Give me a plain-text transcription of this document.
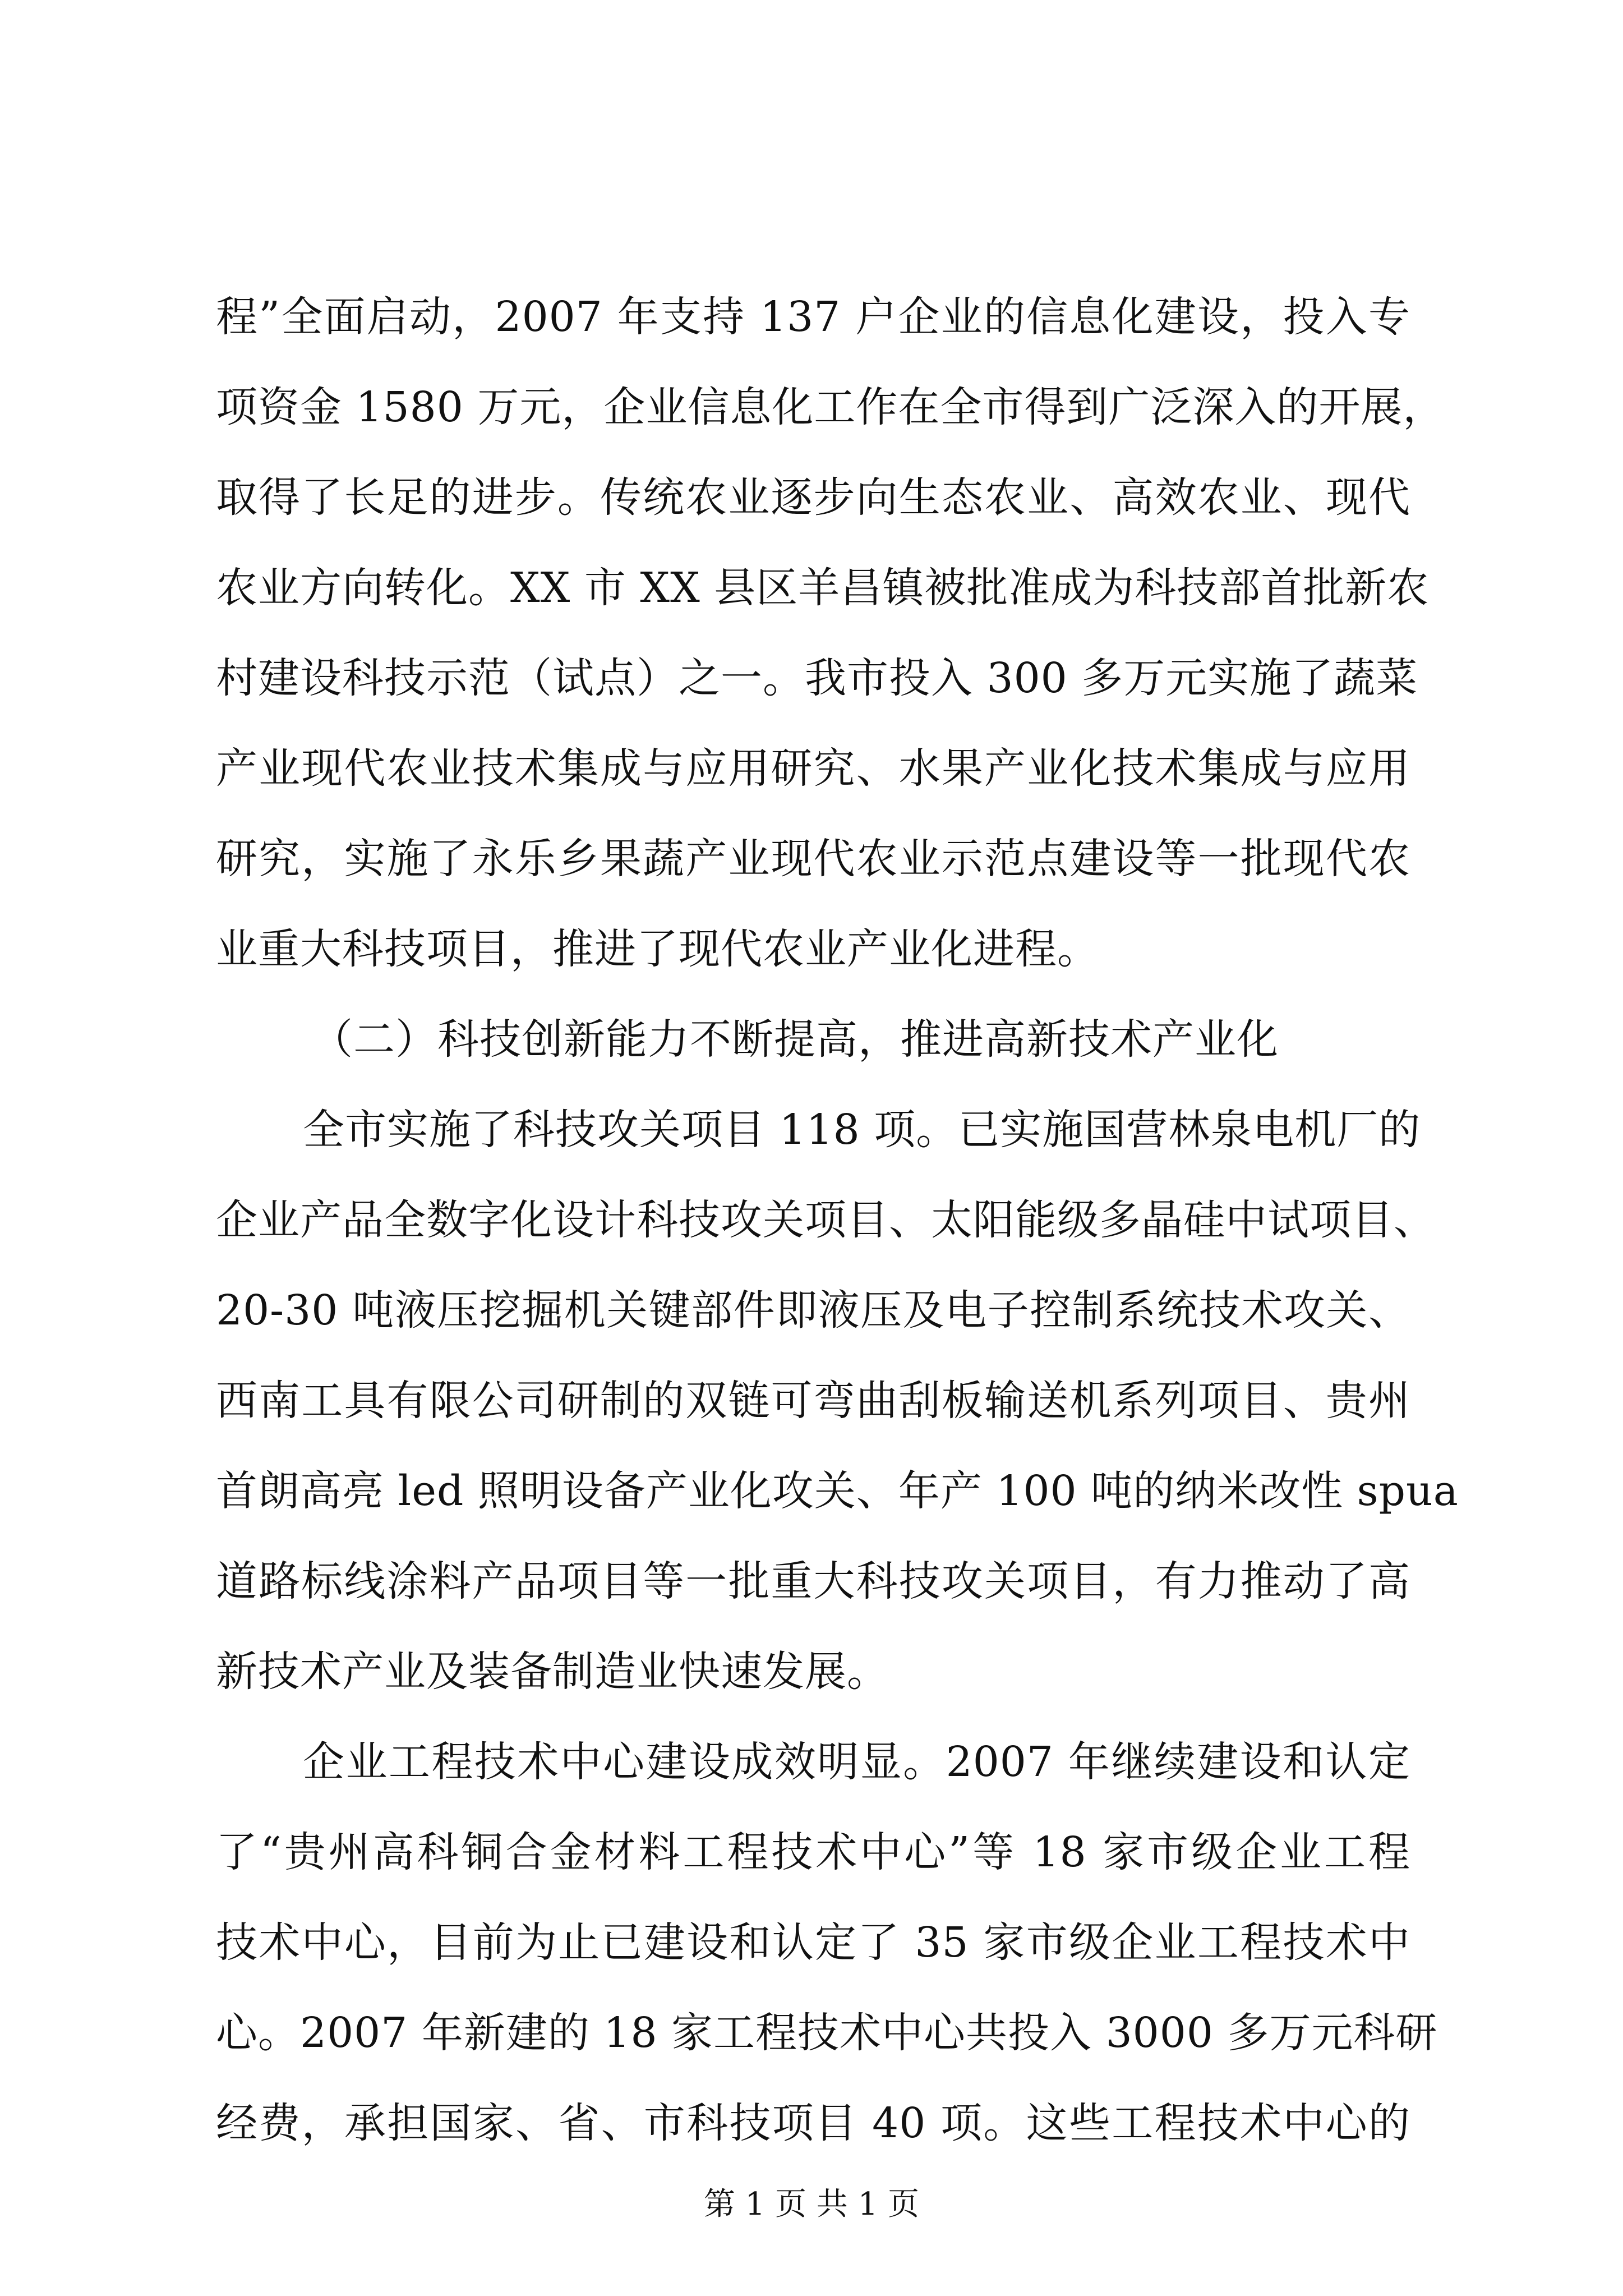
程”全面启动，2007 年支持 137 户企业的信息化建设，投入专
项资金 1580 万元，企业信息化工作在全市得到广泛深入的开展，
取得了长足的进步。传统农业逐步向生态农业、高效农业、现代
农业方向转化。XX 市 XX 县区羊昌镇被批准成为科技部首批新农
村建设科技示范（试点）之一。我市投入 300 多万元实施了蔬菜
产业现代农业技术集成与应用研究、水果产业化技术集成与应用
研究，实施了永乐乡果蔬产业现代农业示范点建设等一批现代农
业重大科技项目，推进了现代农业产业化进程。
（二）科技创新能力不断提高，推进高新技术产业化
全市实施了科技攻关项目 118 项。已实施国营林泉电机厂的
企业产品全数字化设计科技攻关项目、太阳能级多晶硅中试项目、
20-30 吨液压挖掘机关键部件即液压及电子控制系统技术攻关、
西南工具有限公司研制的双链可弯曲刮板输送机系列项目、贵州
首朗高亮 led 照明设备产业化攻关、年产 100 吨的纳米改性 spua
道路标线涂料产品项目等一批重大科技攻关项目，有力推动了高
新技术产业及装备制造业快速发展。
企业工程技术中心建设成效明显。2007 年继续建设和认定
了“贵州高科铜合金材料工程技术中心”等 18 家市级企业工程
技术中心，目前为止已建设和认定了 35 家市级企业工程技术中
心。2007 年新建的 18 家工程技术中心共投入 3000 多万元科研
经费，承担国家、省、市科技项目 40 项。这些工程技术中心的
第 1 页 共 1 页
